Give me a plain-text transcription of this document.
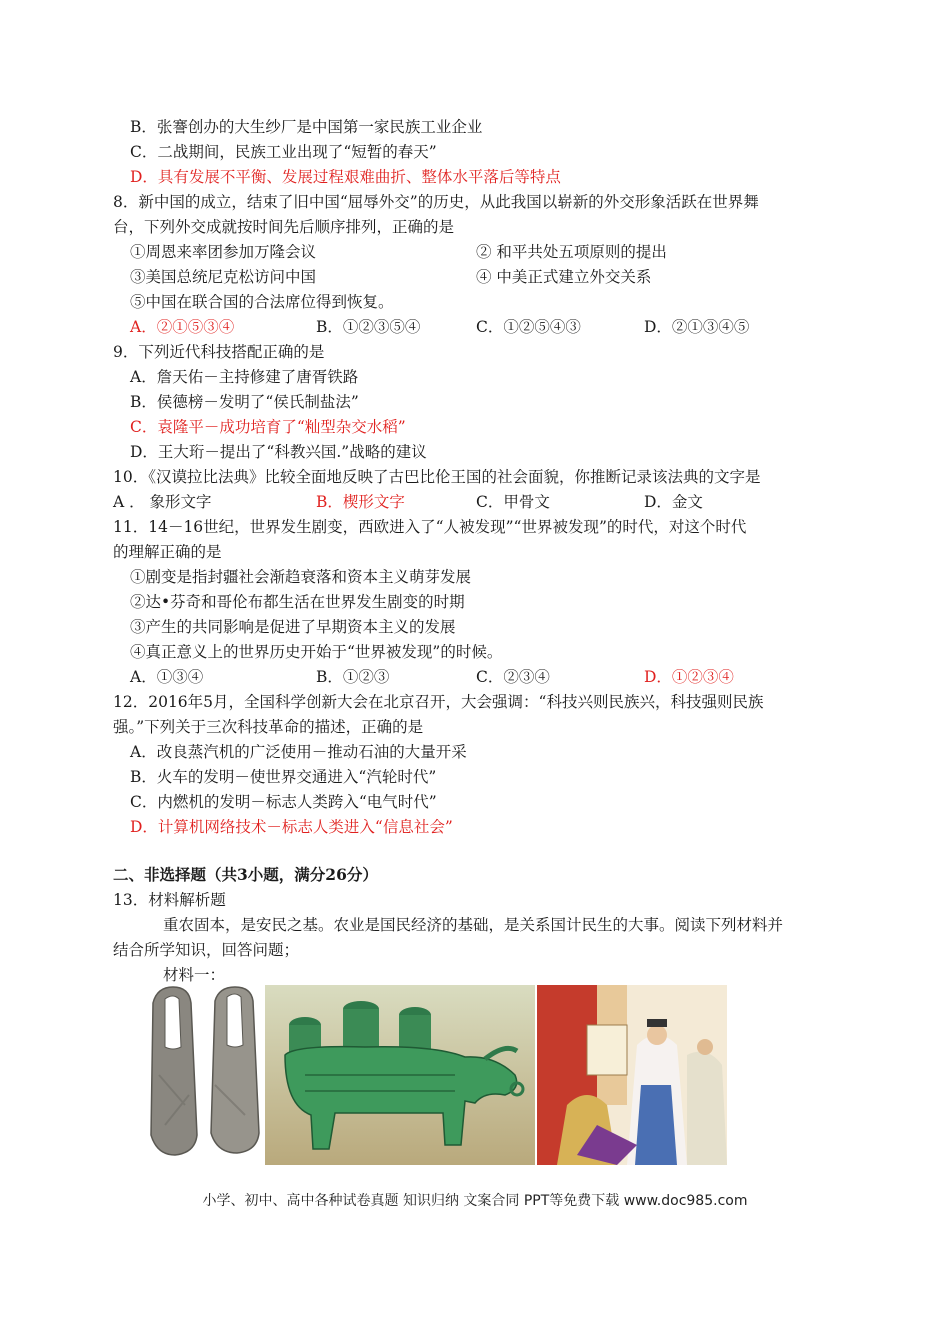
B．张謇创办的大生纱厂是中国第一家民族工业企业
C．二战期间，民族工业出现了“短暂的春天”
D．具有发展不平衡、发展过程艰难曲折、整体水平落后等特点
8．新中国的成立，结束了旧中国“屈辱外交”的历史，从此我国以崭新的外交形象活跃在世界舞
台，下列外交成就按时间先后顺序排列，正确的是
①周恩来率团参加万隆会议	② 和平共处五项原则的提出
③美国总统尼克松访问中国	④ 中美正式建立外交关系
⑤中国在联合国的合法席位得到恢复。
A．②①⑤③④	B．①②③⑤④	C．①②⑤④③	D．②①③④⑤
9．下列近代科技搭配正确的是
A．詹天佑－主持修建了唐胥铁路
B．侯德榜－发明了“侯氏制盐法”
C．袁隆平－成功培育了“籼型杂交水稻”
D．王大珩－提出了“科教兴国.”战略的建议
10．《汉谟拉比法典》比较全面地反映了古巴比伦王国的社会面貌，你推断记录该法典的文字是
A ． 象形文字	B．楔形文字	C．甲骨文	D．金文
11．14－16世纪，世界发生剧变，西欧进入了“人被发现”“世界被发现”的时代，对这个时代
的理解正确的是
①剧变是指封疆社会渐趋衰落和资本主义萌芽发展
②达•芬奇和哥伦布都生活在世界发生剧变的时期
③产生的共同影响是促进了早期资本主义的发展
④真正意义上的世界历史开始于“世界被发现”的时候。
A．①③④	B．①②③	C．②③④	D．①②③④
12．2016年5月，全国科学创新大会在北京召开，大会强调：“科技兴则民族兴，科技强则民族
强。”下列关于三次科技革命的描述，正确的是
A．改良蒸汽机的广泛使用－推动石油的大量开采
B．火车的发明－使世界交通进入“汽轮时代”
C．内燃机的发明－标志人类跨入“电气时代”
D．计算机网络技术－标志人类进入“信息社会”
二、非选择题（共3小题，满分26分）
13．材料解析题
重农固本，是安民之基。农业是国民经济的基础，是关系国计民生的大事。阅读下列材料并
结合所学知识，回答问题；
材料一：
小学、初中、高中各种试卷真题 知识归纳 文案合同 PPT等免费下载 www.doc985.com
